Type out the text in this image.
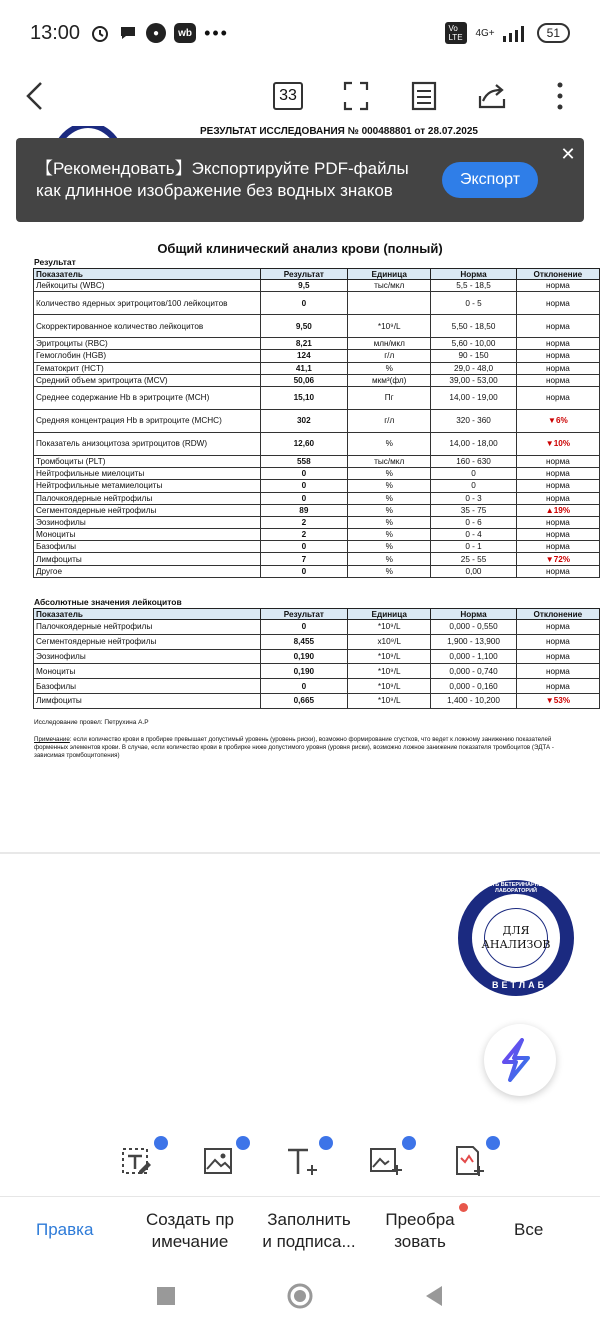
13:00	●	wb •••	Vo LTE	4G+	51
33
РЕЗУЛЬТАТ ИССЛЕДОВАНИЯ № 000488801 от 28.07.2025
Общий клинический анализ крови (полный)
Результат
Показатель	Результат	Единица	Норма	Отклонение
Лейкоциты (WBC)	9,5	тыс/мкл	5,5 - 18,5	норма
Количество ядерных эритроцитов/100 лейкоцитов	0		0 - 5	норма
Скорректированное количество лейкоцитов	9,50	*10⁹/L	5,50 - 18,50	норма
Эритроциты (RBC)	8,21	млн/мкл	5,60 - 10,00	норма
Гемоглобин (HGB)	124	г/л	90 - 150	норма
Гематокрит (HCT)	41,1	%	29,0 - 48,0	норма
Средний объем эритроцита (MCV)	50,06	мкм³(фл)	39,00 - 53,00	норма
Среднее содержание Hb в эритроците (MCH)	15,10	Пг	14,00 - 19,00	норма
Средняя концентрация Hb в эритроците (MCHC)	302	г/л	320 - 360	▼6%
Показатель анизоцитоза эритроцитов (RDW)	12,60	%	14,00 - 18,00	▼10%
Тромбоциты (PLT)	558	тыс/мкл	160 - 630	норма
Нейтрофильные миелоциты	0	%	0	норма
Нейтрофильные метамиелоциты	0	%	0	норма
Палочкоядерные нейтрофилы	0	%	0 - 3	норма
Сегментоядерные нейтрофилы	89	%	35 - 75	▲19%
Эозинофилы	2	%	0 - 6	норма
Моноциты	2	%	0 - 4	норма
Базофилы	0	%	0 - 1	норма
Лимфоциты	7	%	25 - 55	▼72%
Другое	0	%	0,00	норма
Абсолютные значения лейкоцитов
Показатель	Результат	Единица	Норма	Отклонение
Палочкоядерные нейтрофилы	0	*10⁹/L	0,000 - 0,550	норма
Сегментоядерные нейтрофилы	8,455	x10⁹/L	1,900 - 13,900	норма
Эозинофилы	0,190	*10⁹/L	0,000 - 1,100	норма
Моноциты	0,190	*10⁹/L	0,000 - 0,740	норма
Базофилы	0	*10⁹/L	0,000 - 0,160	норма
Лимфоциты	0,665	*10⁹/L	1,400 - 10,200	▼53%
Исследование провел: Петрухина А.Р
Примечание: если количество крови в пробирке превышает допустимый уровень (уровень риски), возможно формирование сгустков, что ведет к ложному занижению показателей форменных элементов крови. В случае, если количество крови в пробирке ниже допустимого уровня (уровня риски), возможно ложное занижение показателя тромбоцитов (ЭДТА - зависимая тромбоцитопения)
【Рекомендовать】Экспортируйте PDF-файлы как длинное изображение без водных знаков
Экспорт
✕
ДЛЯ
АНАЛИЗОВ
СЕТЬ ВЕТЕРИНАРНЫХ ЛАБОРАТОРИЙ
ВЕТЛАБ
Правка
Создать пр
имечание
Заполнить
и подписа...
Преобра
зовать
Все
